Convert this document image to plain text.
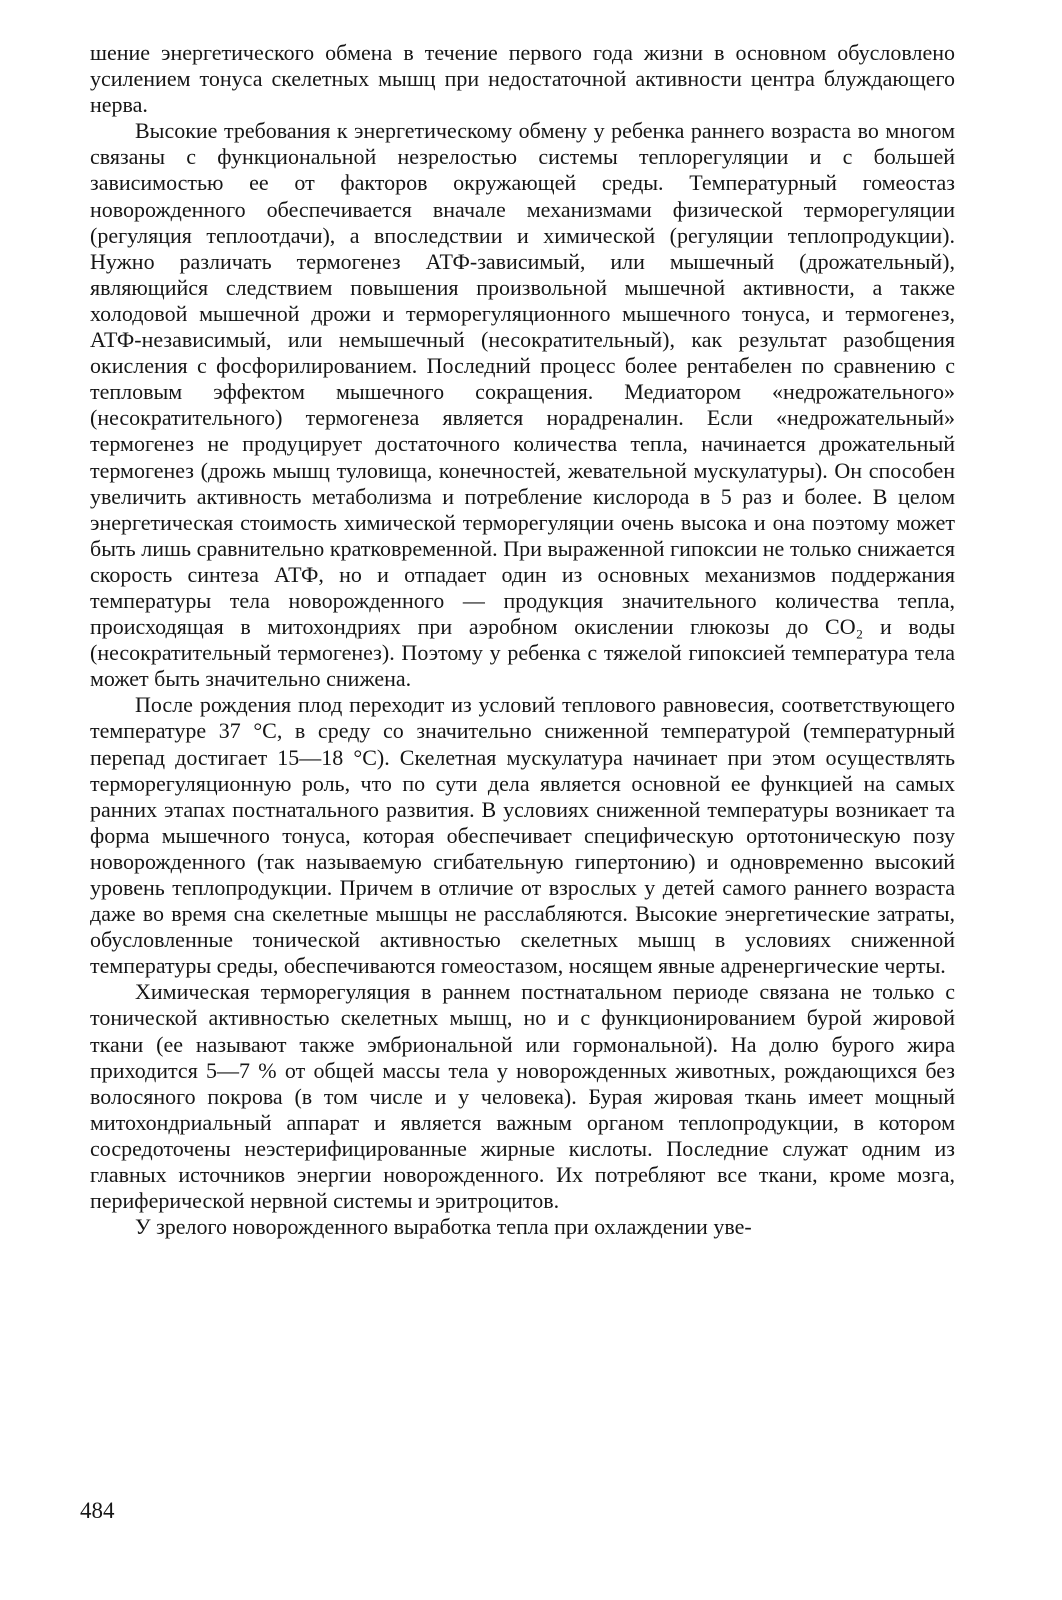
шение энергетического обмена в течение первого года жизни в основном обусловлено усилением тонуса скелетных мышц при недостаточной активности центра блуждающего нерва.

Высокие требования к энергетическому обмену у ребенка раннего возраста во многом связаны с функциональной незрелостью системы теплорегуляции и с большей зависимостью ее от факторов окружающей среды. Температурный гомеостаз новорожденного обеспечивается вначале механизмами физической терморегуляции (регуляция теплоотдачи), а впоследствии и химической (регуляции теплопродукции). Нужно различать термогенез АТФ-зависимый, или мышечный (дрожательный), являющийся следствием повышения произвольной мышечной активности, а также холодовой мышечной дрожи и терморегуляционного мышечного тонуса, и термогенез, АТФ-независимый, или немышечный (несократительный), как результат разобщения окисления с фосфорилированием. Последний процесс более рентабелен по сравнению с тепловым эффектом мышечного сокращения. Медиатором «недрожательного» (несократительного) термогенеза является норадреналин. Если «недрожательный» термогенез не продуцирует достаточного количества тепла, начинается дрожательный термогенез (дрожь мышц туловища, конечностей, жевательной мускулатуры). Он способен увеличить активность метаболизма и потребление кислорода в 5 раз и более. В целом энергетическая стоимость химической терморегуляции очень высока и она поэтому может быть лишь сравнительно кратковременной. При выраженной гипоксии не только снижается скорость синтеза АТФ, но и отпадает один из основных механизмов поддержания температуры тела новорожденного — продукция значительного количества тепла, происходящая в митохондриях при аэробном окислении глюкозы до CO₂ и воды (несократительный термогенез). Поэтому у ребенка с тяжелой гипоксией температура тела может быть значительно снижена.

После рождения плод переходит из условий теплового равновесия, соответствующего температуре 37 °С, в среду со значительно сниженной температурой (температурный перепад достигает 15—18 °С). Скелетная мускулатура начинает при этом осуществлять терморегуляционную роль, что по сути дела является основной ее функцией на самых ранних этапах постнатального развития. В условиях сниженной температуры возникает та форма мышечного тонуса, которая обеспечивает специфическую ортотоническую позу новорожденного (так называемую сгибательную гипертонию) и одновременно высокий уровень теплопродукции. Причем в отличие от взрослых у детей самого раннего возраста даже во время сна скелетные мышцы не расслабляются. Высокие энергетические затраты, обусловленные тонической активностью скелетных мышц в условиях сниженной температуры среды, обеспечиваются гомеостазом, носящем явные адренергические черты.

Химическая терморегуляция в раннем постнатальном периоде связана не только с тонической активностью скелетных мышц, но и с функционированием бурой жировой ткани (ее называют также эмбриональной или гормональной). На долю бурого жира приходится 5—7 % от общей массы тела у новорожденных животных, рождающихся без волосяного покрова (в том числе и у человека). Бурая жировая ткань имеет мощный митохондриальный аппарат и является важным органом теплопродукции, в котором сосредоточены неэстерифицированные жирные кислоты. Последние служат одним из главных источников энергии новорожденного. Их потребляют все ткани, кроме мозга, периферической нервной системы и эритроцитов.

У зрелого новорожденного выработка тепла при охлаждении уве-

484
